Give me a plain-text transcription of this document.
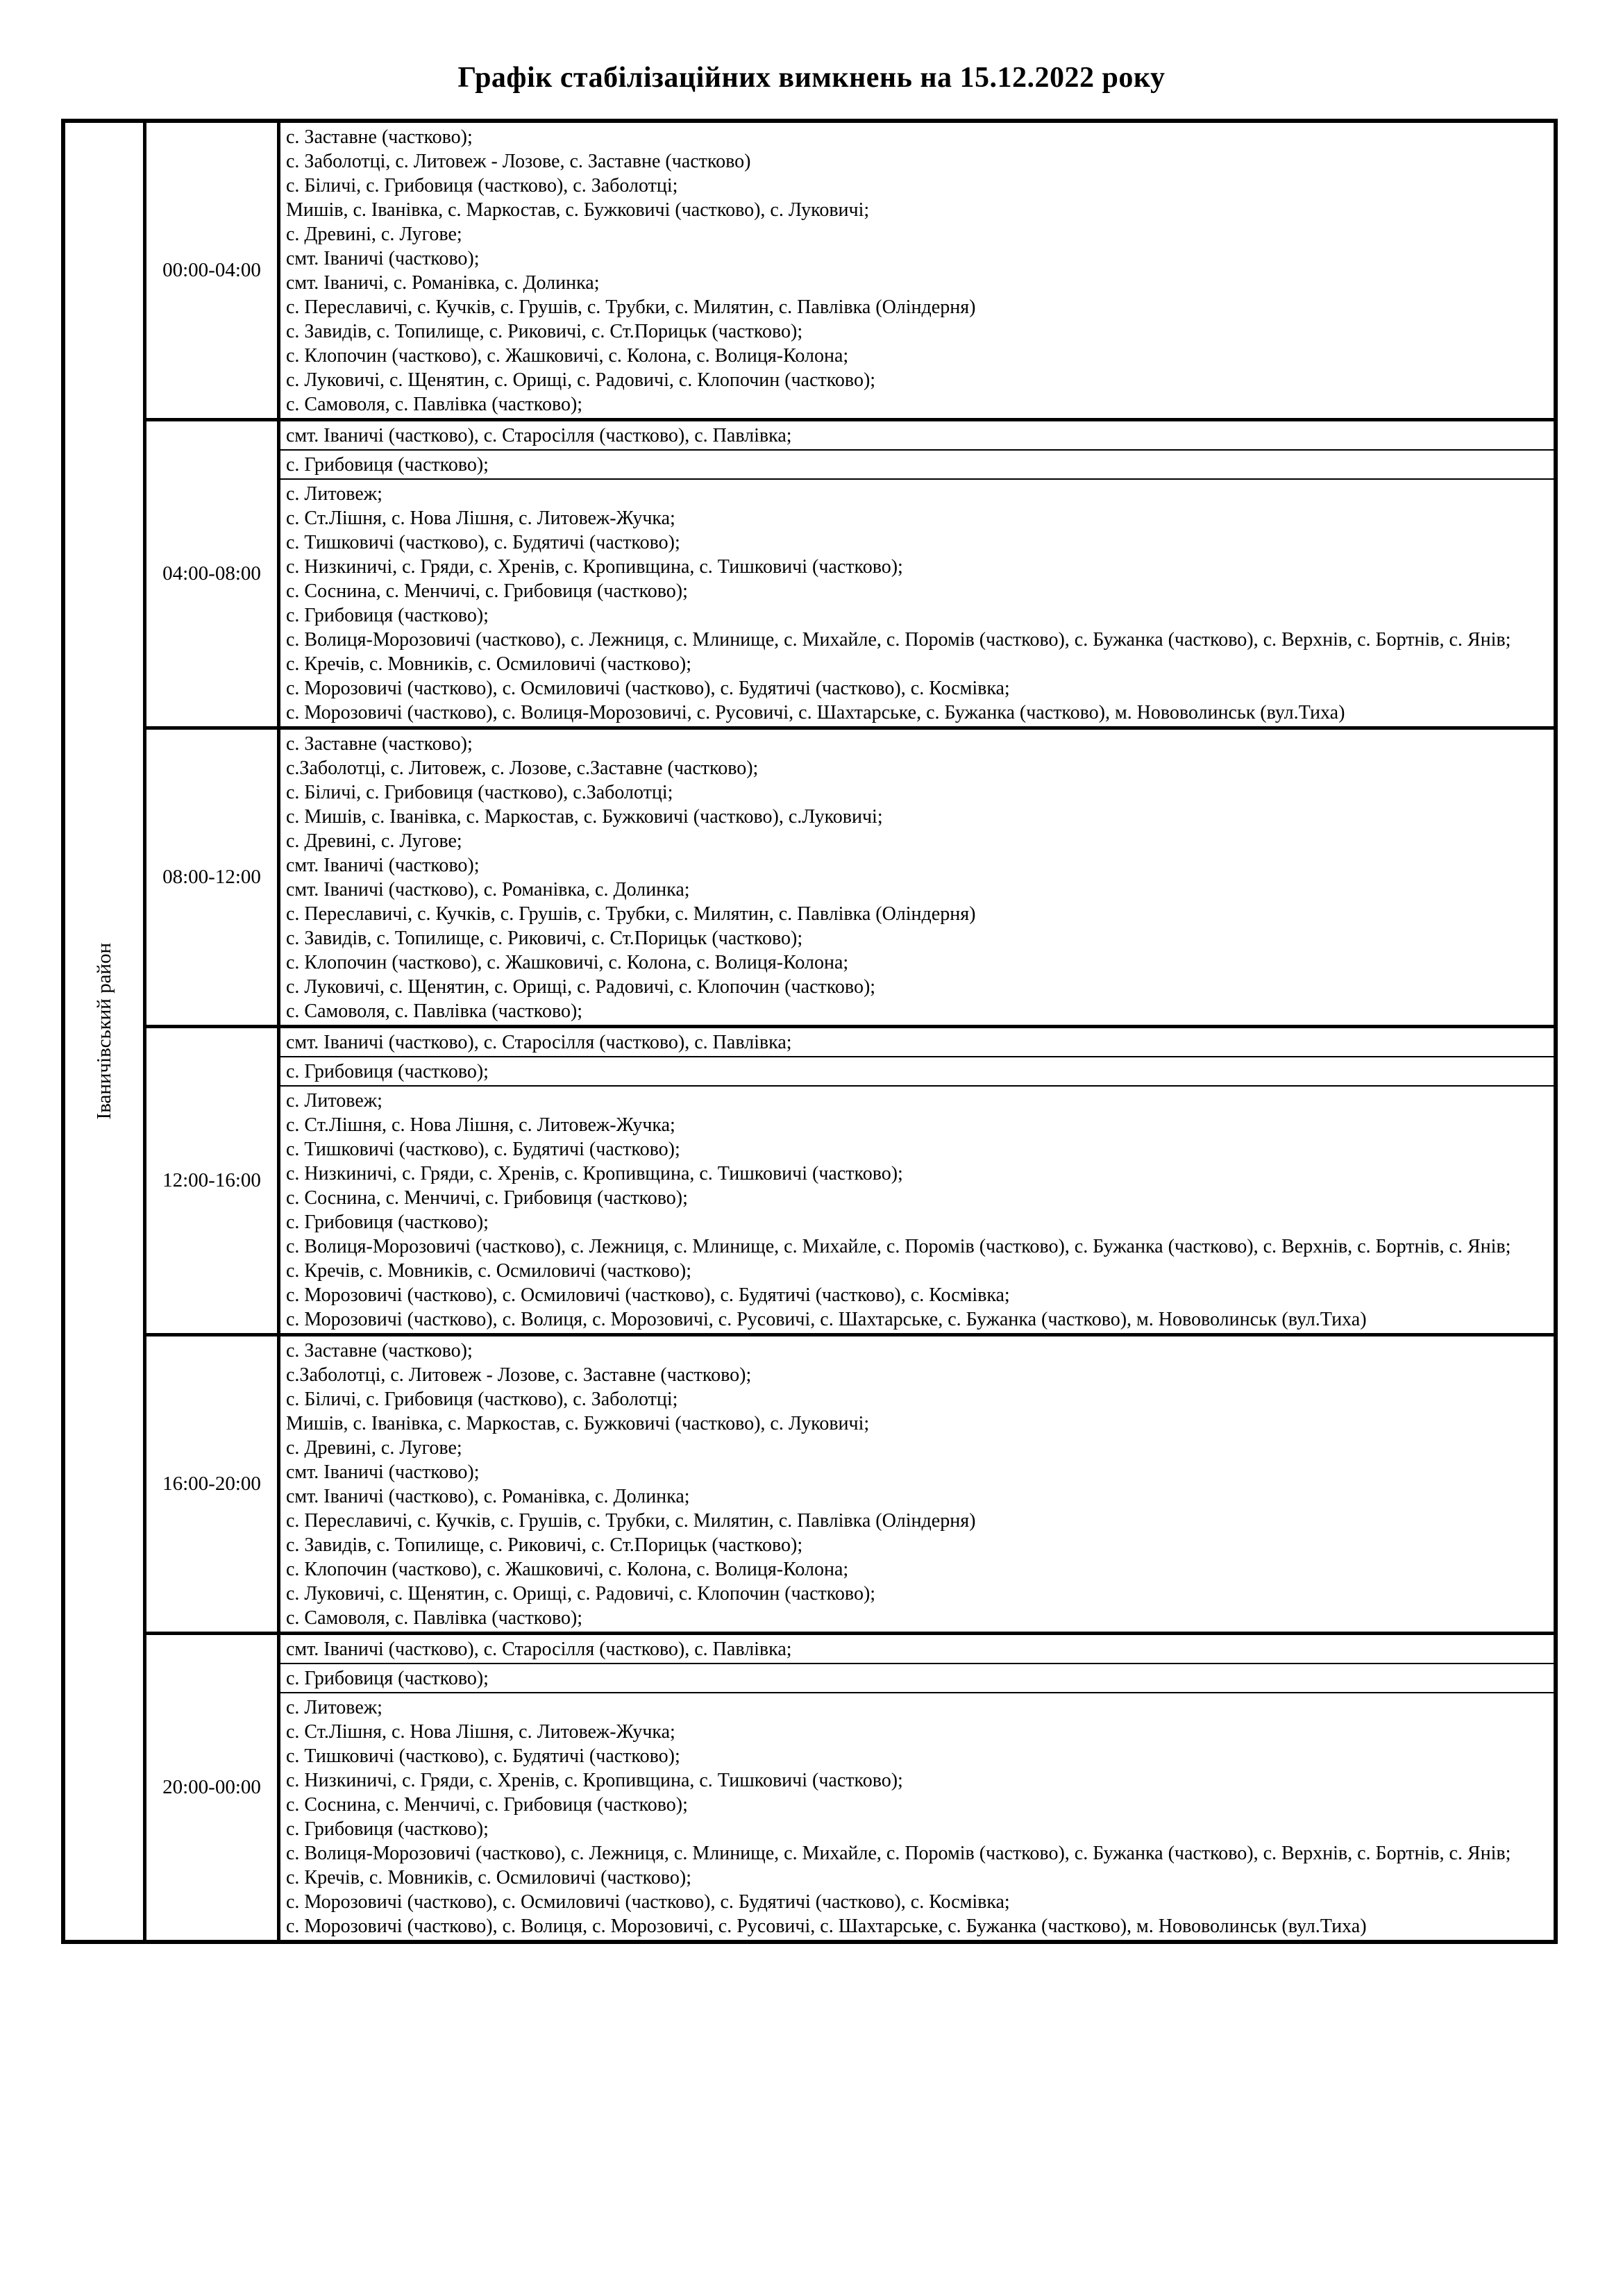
Графік стабілізаційних вимкнень на 15.12.2022 року
Іваничівський район
00:00-04:00
с. Заставне (частково);
с. Заболотці, с. Литовеж - Лозове, с. Заставне (частково)
с. Біличі, с. Грибовиця (частково), с. Заболотці;
Мишів, с. Іванівка, с. Маркостав, с. Бужковичі (частково), с. Луковичі;
с. Древині, с. Лугове;
смт. Іваничі (частково);
смт. Іваничі, с. Романівка, с. Долинка;
с. Переславичі, с. Кучків, с. Грушів, с. Трубки, с. Милятин, с. Павлівка (Оліндерня)
с. Завидів, с. Топилище, с. Риковичі, с. Ст.Порицьк (частково);
с. Клопочин (частково), с. Жашковичі, с. Колона, с. Волиця-Колона;
с. Луковичі, с. Щенятин, с. Орищі, с. Радовичі, с. Клопочин (частково);
с. Самоволя, с. Павлівка (частково);
04:00-08:00
смт. Іваничі (частково), с. Старосілля (частково), с. Павлівка;
с. Грибовиця (частково);
с. Литовеж;
с. Ст.Лішня, с. Нова Лішня, с. Литовеж-Жучка;
с. Тишковичі (частково), с. Будятичі (частково);
с. Низкиничі, с. Гряди, с. Хренів, с. Кропивщина, с. Тишковичі (частково);
с. Соснина, с. Менчичі, с. Грибовиця (частково);
с. Грибовиця (частково);
с. Волиця-Морозовичі (частково), с. Лежниця, с. Млинище, с. Михайле, с. Поромів (частково), с. Бужанка (частково), с. Верхнів, с. Бортнів, с. Янів;
с. Кречів, с. Мовників, с. Осмиловичі (частково);
с. Морозовичі (частково), с. Осмиловичі (частково), с. Будятичі (частково), с. Космівка;
с. Морозовичі (частково), с. Волиця-Морозовичі, с. Русовичі, с. Шахтарське, с. Бужанка (частково), м. Нововолинськ (вул.Тиха)
08:00-12:00
с. Заставне (частково);
с.Заболотці, с. Литовеж, с. Лозове, с.Заставне (частково);
с. Біличі, с. Грибовиця (частково), с.Заболотці;
с. Мишів, с. Іванівка, с. Маркостав, с. Бужковичі (частково), с.Луковичі;
с. Древині, с. Лугове;
смт. Іваничі (частково);
смт. Іваничі (частково), с. Романівка, с. Долинка;
с. Переславичі, с. Кучків, с. Грушів, с. Трубки, с. Милятин, с. Павлівка (Оліндерня)
с. Завидів, с. Топилище, с. Риковичі, с. Ст.Порицьк (частково);
с. Клопочин (частково), с. Жашковичі, с. Колона, с. Волиця-Колона;
с. Луковичі, с. Щенятин, с. Орищі, с. Радовичі, с. Клопочин (частково);
с. Самоволя, с. Павлівка (частково);
12:00-16:00
смт. Іваничі (частково), с. Старосілля (частково), с. Павлівка;
с. Грибовиця (частково);
с. Литовеж;
с. Ст.Лішня, с. Нова Лішня, с. Литовеж-Жучка;
с. Тишковичі (частково), с. Будятичі (частково);
с. Низкиничі, с. Гряди, с. Хренів, с. Кропивщина, с. Тишковичі (частково);
с. Соснина, с. Менчичі, с. Грибовиця (частково);
с. Грибовиця (частково);
с. Волиця-Морозовичі (частково), с. Лежниця, с. Млинище, с. Михайле, с. Поромів (частково), с. Бужанка (частково), с. Верхнів, с. Бортнів, с. Янів;
с. Кречів, с. Мовників, с. Осмиловичі (частково);
с. Морозовичі (частково), с. Осмиловичі (частково), с. Будятичі (частково), с. Космівка;
с. Морозовичі (частково), с. Волиця, с. Морозовичі, с. Русовичі, с. Шахтарське, с. Бужанка (частково), м. Нововолинськ (вул.Тиха)
16:00-20:00
с. Заставне (частково);
с.Заболотці, с. Литовеж - Лозове, с. Заставне (частково);
с. Біличі, с. Грибовиця (частково), с. Заболотці;
Мишів, с. Іванівка, с. Маркостав, с. Бужковичі (частково), с. Луковичі;
с. Древині, с. Лугове;
смт. Іваничі (частково);
смт. Іваничі (частково), с. Романівка, с. Долинка;
с. Переславичі, с. Кучків, с. Грушів, с. Трубки, с. Милятин, с. Павлівка (Оліндерня)
с. Завидів, с. Топилище, с. Риковичі, с. Ст.Порицьк (частково);
с. Клопочин (частково), с. Жашковичі, с. Колона, с. Волиця-Колона;
с. Луковичі, с. Щенятин, с. Орищі, с. Радовичі, с. Клопочин (частково);
с. Самоволя, с. Павлівка (частково);
20:00-00:00
смт. Іваничі (частково), с. Старосілля (частково), с. Павлівка;
с. Грибовиця (частково);
с. Литовеж;
с. Ст.Лішня, с. Нова Лішня, с. Литовеж-Жучка;
с. Тишковичі (частково), с. Будятичі (частково);
с. Низкиничі, с. Гряди, с. Хренів, с. Кропивщина, с. Тишковичі (частково);
с. Соснина, с. Менчичі, с. Грибовиця (частково);
с. Грибовиця (частково);
с. Волиця-Морозовичі (частково), с. Лежниця, с. Млинище, с. Михайле, с. Поромів (частково), с. Бужанка (частково), с. Верхнів, с. Бортнів, с. Янів;
с. Кречів, с. Мовників, с. Осмиловичі (частково);
с. Морозовичі (частково), с. Осмиловичі (частково), с. Будятичі (частково), с. Космівка;
с. Морозовичі (частково), с. Волиця, с. Морозовичі, с. Русовичі, с. Шахтарське, с. Бужанка (частково), м. Нововолинськ (вул.Тиха)
